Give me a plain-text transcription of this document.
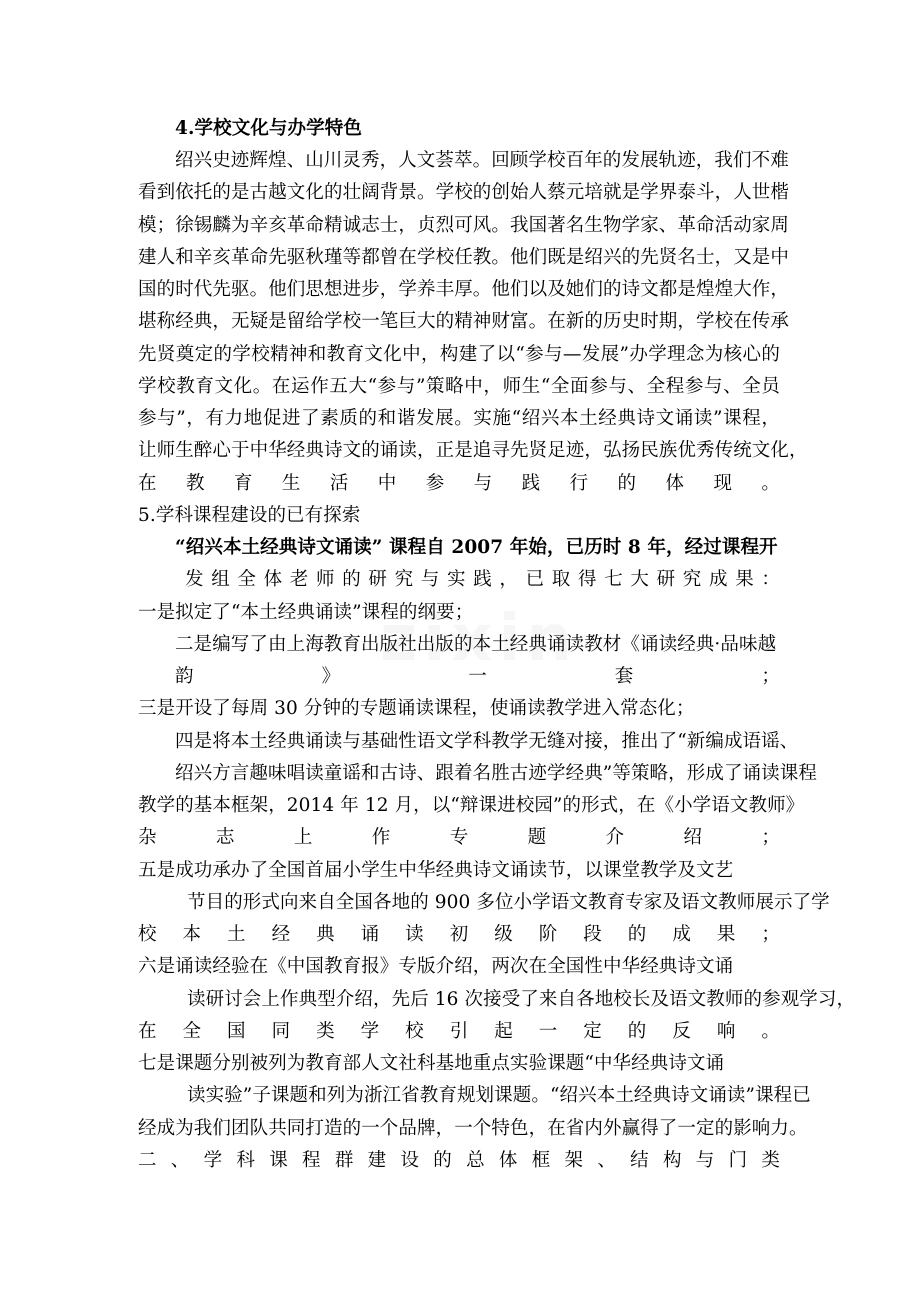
4.学校文化与办学特色
绍兴史迹辉煌、山川灵秀，人文荟萃。回顾学校百年的发展轨迹，我们不难
看到依托的是古越文化的壮阔背景。学校的创始人蔡元培就是学界泰斗，人世楷
模；徐锡麟为辛亥革命精诚志士，贞烈可风。我国著名生物学家、革命活动家周
建人和辛亥革命先驱秋瑾等都曾在学校任教。他们既是绍兴的先贤名士，又是中
国的时代先驱。他们思想进步，学养丰厚。他们以及她们的诗文都是煌煌大作，
堪称经典，无疑是留给学校一笔巨大的精神财富。在新的历史时期，学校在传承
先贤奠定的学校精神和教育文化中，构建了以“参与—发展”办学理念为核心的
学校教育文化。在运作五大“参与”策略中，师生“全面参与、全程参与、全员
参与”，有力地促进了素质的和谐发展。实施“绍兴本土经典诗文诵读”课程，
让师生醉心于中华经典诗文的诵读，正是追寻先贤足迹，弘扬民族优秀传统文化，
在教育生活中参与践行的体现。
5.学科课程建设的已有探索
“绍兴本土经典诗文诵读” 课程自 2007 年始，已历时 8 年，经过课程开
发组全体老师的研究与实践，已取得七大研究成果：
一是拟定了“本土经典诵读”课程的纲要；
二是编写了由上海教育出版社出版的本土经典诵读教材《诵读经典·品味越
韵》一套；
三是开设了每周 30 分钟的专题诵读课程，使诵读教学进入常态化；
四是将本土经典诵读与基础性语文学科教学无缝对接，推出了“新编成语谣、
绍兴方言趣味唱读童谣和古诗、跟着名胜古迹学经典”等策略，形成了诵读课程
教学的基本框架，2014 年 12 月，以“辩课进校园”的形式，在《小学语文教师》
杂志上作专题介绍；
五是成功承办了全国首届小学生中华经典诗文诵读节，以课堂教学及文艺
节目的形式向来自全国各地的 900 多位小学语文教育专家及语文教师展示了学
校本土经典诵读初级阶段的成果；
六是诵读经验在《中国教育报》专版介绍，两次在全国性中华经典诗文诵
读研讨会上作典型介绍，先后 16 次接受了来自各地校长及语文教师的参观学习，
在全国同类学校引起一定的反响。
七是课题分别被列为教育部人文社科基地重点实验课题“中华经典诗文诵
读实验”子课题和列为浙江省教育规划课题。“绍兴本土经典诗文诵读”课程已
经成为我们团队共同打造的一个品牌，一个特色，在省内外赢得了一定的影响力。
二、学科课程群建设的总体框架、结构与门类
